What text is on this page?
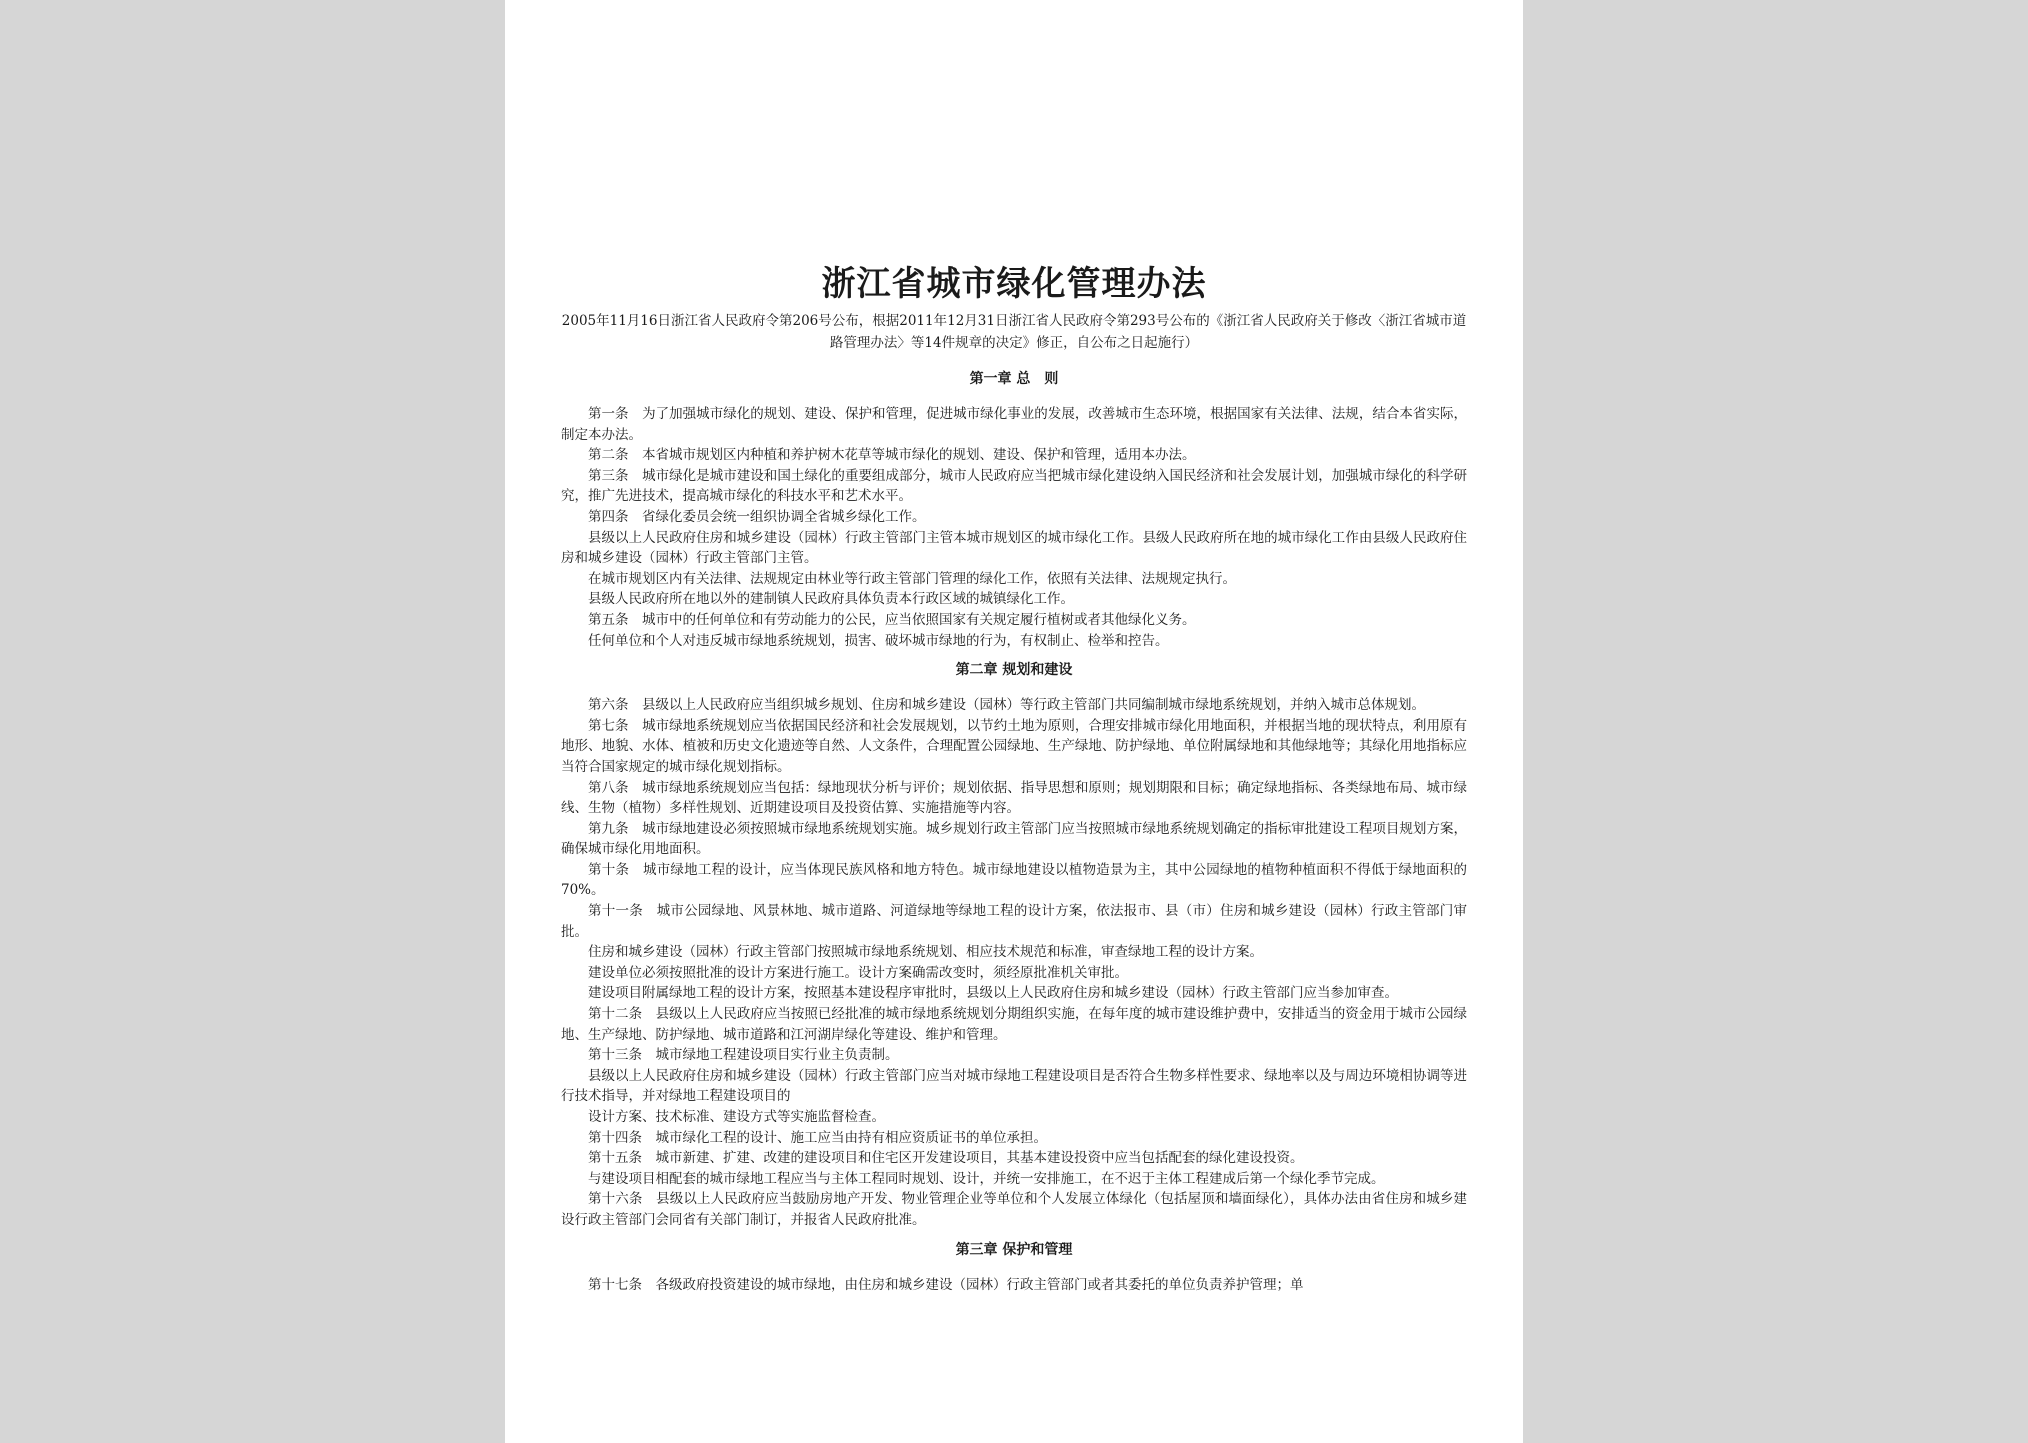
浙江省城市绿化管理办法
2005年11月16日浙江省人民政府令第206号公布，根据2011年12月31日浙江省人民政府令第293号公布的《浙江省人民政府关于修改〈浙江省城市道路管理办法〉等14件规章的决定》修正，自公布之日起施行）
第一章 总　则

第一条　为了加强城市绿化的规划、建设、保护和管理，促进城市绿化事业的发展，改善城市生态环境，根据国家有关法律、法规，结合本省实际，制定本办法。

第二条　本省城市规划区内种植和养护树木花草等城市绿化的规划、建设、保护和管理，适用本办法。

第三条　城市绿化是城市建设和国土绿化的重要组成部分，城市人民政府应当把城市绿化建设纳入国民经济和社会发展计划，加强城市绿化的科学研究，推广先进技术，提高城市绿化的科技水平和艺术水平。

第四条　省绿化委员会统一组织协调全省城乡绿化工作。

县级以上人民政府住房和城乡建设（园林）行政主管部门主管本城市规划区的城市绿化工作。县级人民政府所在地的城市绿化工作由县级人民政府住房和城乡建设（园林）行政主管部门主管。

在城市规划区内有关法律、法规规定由林业等行政主管部门管理的绿化工作，依照有关法律、法规规定执行。

县级人民政府所在地以外的建制镇人民政府具体负责本行政区域的城镇绿化工作。

第五条　城市中的任何单位和有劳动能力的公民，应当依照国家有关规定履行植树或者其他绿化义务。

任何单位和个人对违反城市绿地系统规划，损害、破坏城市绿地的行为，有权制止、检举和控告。

第二章 规划和建设

第六条　县级以上人民政府应当组织城乡规划、住房和城乡建设（园林）等行政主管部门共同编制城市绿地系统规划，并纳入城市总体规划。

第七条　城市绿地系统规划应当依据国民经济和社会发展规划，以节约土地为原则，合理安排城市绿化用地面积，并根据当地的现状特点，利用原有地形、地貌、水体、植被和历史文化遗迹等自然、人文条件，合理配置公园绿地、生产绿地、防护绿地、单位附属绿地和其他绿地等；其绿化用地指标应当符合国家规定的城市绿化规划指标。

第八条　城市绿地系统规划应当包括：绿地现状分析与评价；规划依据、指导思想和原则；规划期限和目标；确定绿地指标、各类绿地布局、城市绿线、生物（植物）多样性规划、近期建设项目及投资估算、实施措施等内容。

第九条　城市绿地建设必须按照城市绿地系统规划实施。城乡规划行政主管部门应当按照城市绿地系统规划确定的指标审批建设工程项目规划方案，确保城市绿化用地面积。

第十条　城市绿地工程的设计，应当体现民族风格和地方特色。城市绿地建设以植物造景为主，其中公园绿地的植物种植面积不得低于绿地面积的70%。

第十一条　城市公园绿地、风景林地、城市道路、河道绿地等绿地工程的设计方案，依法报市、县（市）住房和城乡建设（园林）行政主管部门审批。

住房和城乡建设（园林）行政主管部门按照城市绿地系统规划、相应技术规范和标准，审查绿地工程的设计方案。

建设单位必须按照批准的设计方案进行施工。设计方案确需改变时，须经原批准机关审批。

建设项目附属绿地工程的设计方案，按照基本建设程序审批时，县级以上人民政府住房和城乡建设（园林）行政主管部门应当参加审查。

第十二条　县级以上人民政府应当按照已经批准的城市绿地系统规划分期组织实施，在每年度的城市建设维护费中，安排适当的资金用于城市公园绿地、生产绿地、防护绿地、城市道路和江河湖岸绿化等建设、维护和管理。

第十三条　城市绿地工程建设项目实行业主负责制。

县级以上人民政府住房和城乡建设（园林）行政主管部门应当对城市绿地工程建设项目是否符合生物多样性要求、绿地率以及与周边环境相协调等进行技术指导，并对绿地工程建设项目的

设计方案、技术标准、建设方式等实施监督检查。

第十四条　城市绿化工程的设计、施工应当由持有相应资质证书的单位承担。

第十五条　城市新建、扩建、改建的建设项目和住宅区开发建设项目，其基本建设投资中应当包括配套的绿化建设投资。

与建设项目相配套的城市绿地工程应当与主体工程同时规划、设计，并统一安排施工，在不迟于主体工程建成后第一个绿化季节完成。

第十六条　县级以上人民政府应当鼓励房地产开发、物业管理企业等单位和个人发展立体绿化（包括屋顶和墙面绿化），具体办法由省住房和城乡建设行政主管部门会同省有关部门制订，并报省人民政府批准。

第三章 保护和管理

第十七条　各级政府投资建设的城市绿地，由住房和城乡建设（园林）行政主管部门或者其委托的单位负责养护管理；单
